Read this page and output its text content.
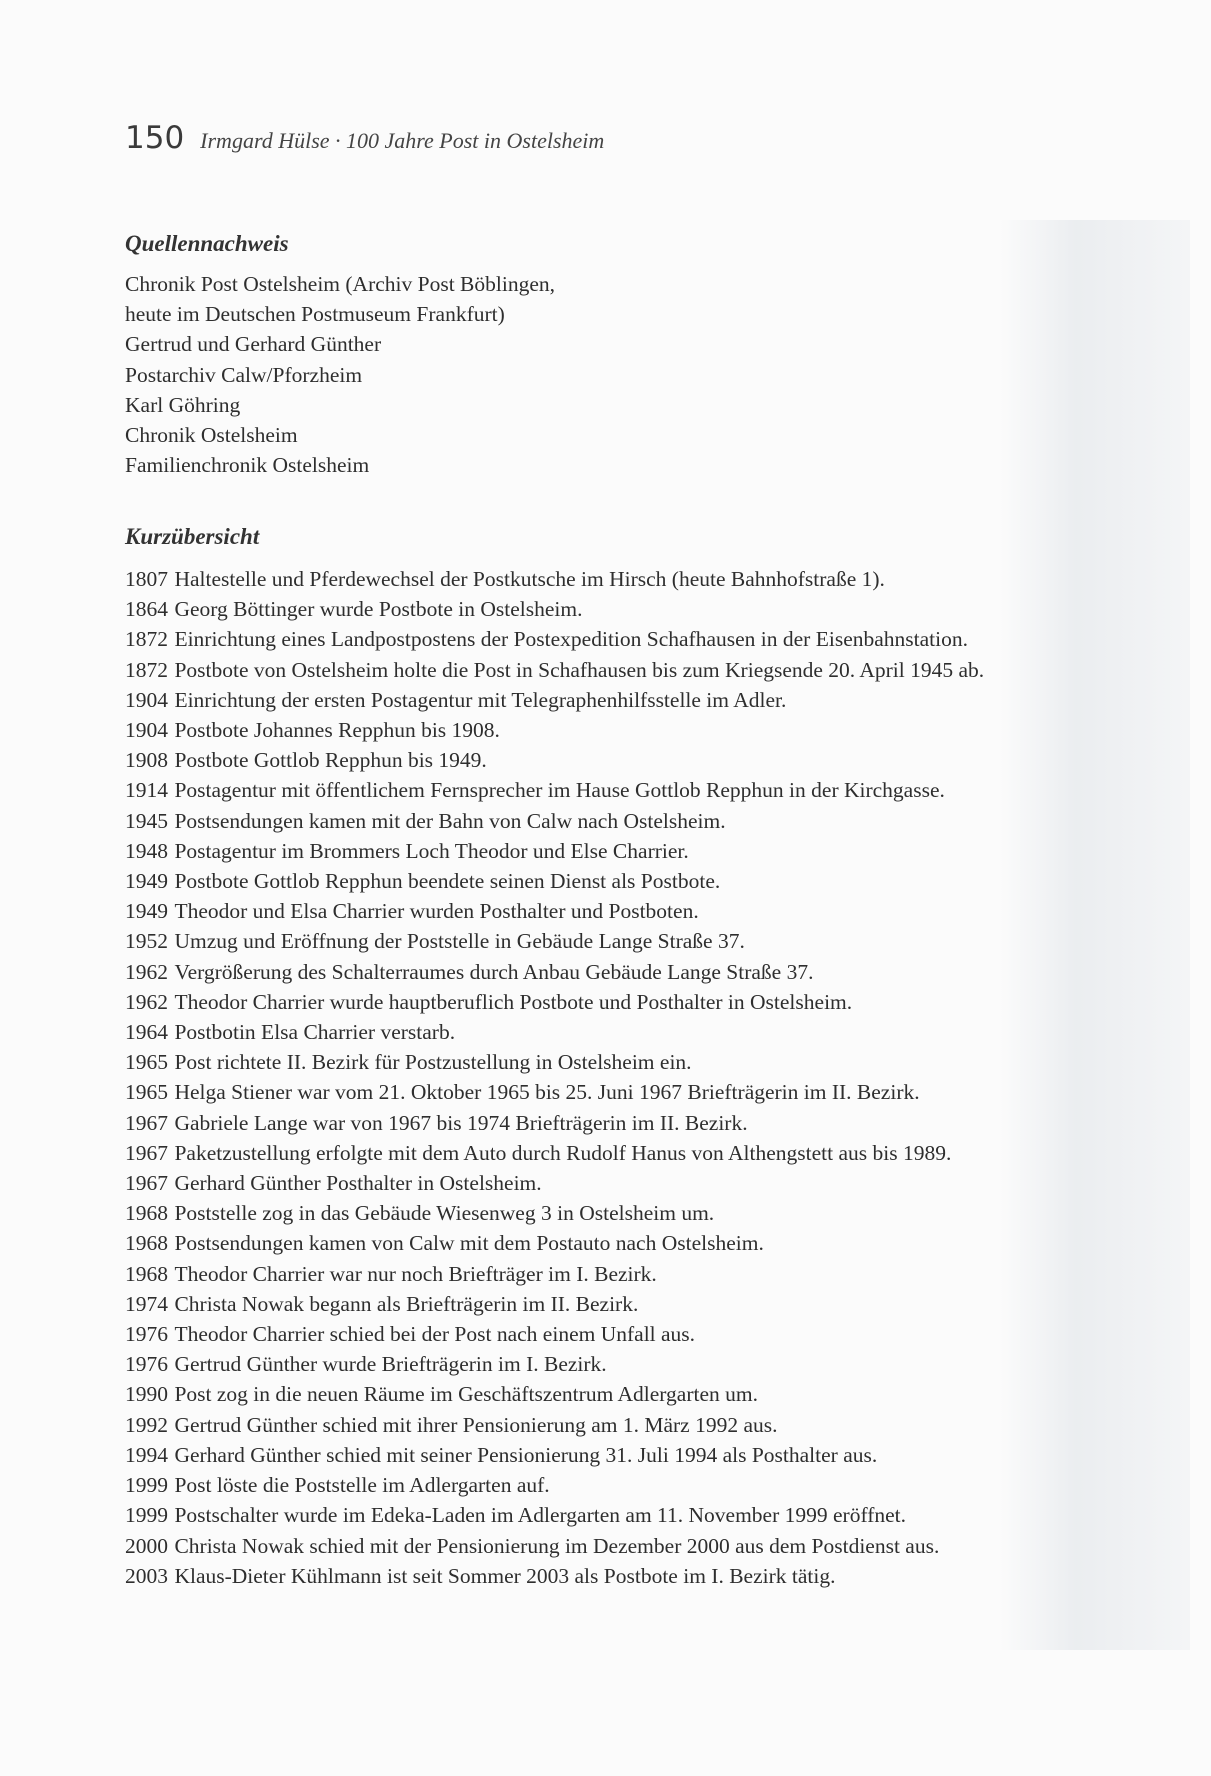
150 Irmgard Hülse · 100 Jahre Post in Ostelsheim
Quellennachweis
Chronik Post Ostelsheim (Archiv Post Böblingen,
heute im Deutschen Postmuseum Frankfurt)
Gertrud und Gerhard Günther
Postarchiv Calw/Pforzheim
Karl Göhring
Chronik Ostelsheim
Familienchronik Ostelsheim
Kurzübersicht
1807 Haltestelle und Pferdewechsel der Postkutsche im Hirsch (heute Bahnhofstraße 1).
1864 Georg Böttinger wurde Postbote in Ostelsheim.
1872 Einrichtung eines Landpostpostens der Postexpedition Schafhausen in der Eisenbahnstation.
1872 Postbote von Ostelsheim holte die Post in Schafhausen bis zum Kriegsende 20. April 1945 ab.
1904 Einrichtung der ersten Postagentur mit Telegraphenhilfsstelle im Adler.
1904 Postbote Johannes Repphun bis 1908.
1908 Postbote Gottlob Repphun bis 1949.
1914 Postagentur mit öffentlichem Fernsprecher im Hause Gottlob Repphun in der Kirchgasse.
1945 Postsendungen kamen mit der Bahn von Calw nach Ostelsheim.
1948 Postagentur im Brommers Loch Theodor und Else Charrier.
1949 Postbote Gottlob Repphun beendete seinen Dienst als Postbote.
1949 Theodor und Elsa Charrier wurden Posthalter und Postboten.
1952 Umzug und Eröffnung der Poststelle in Gebäude Lange Straße 37.
1962 Vergrößerung des Schalterraumes durch Anbau Gebäude Lange Straße 37.
1962 Theodor Charrier wurde hauptberuflich Postbote und Posthalter in Ostelsheim.
1964 Postbotin Elsa Charrier verstarb.
1965 Post richtete II. Bezirk für Postzustellung in Ostelsheim ein.
1965 Helga Stiener war vom 21. Oktober 1965 bis 25. Juni 1967 Briefträgerin im II. Bezirk.
1967 Gabriele Lange war von 1967 bis 1974 Briefträgerin im II. Bezirk.
1967 Paketzustellung erfolgte mit dem Auto durch Rudolf Hanus von Althengstett aus bis 1989.
1967 Gerhard Günther Posthalter in Ostelsheim.
1968 Poststelle zog in das Gebäude Wiesenweg 3 in Ostelsheim um.
1968 Postsendungen kamen von Calw mit dem Postauto nach Ostelsheim.
1968 Theodor Charrier war nur noch Briefträger im I. Bezirk.
1974 Christa Nowak begann als Briefträgerin im II. Bezirk.
1976 Theodor Charrier schied bei der Post nach einem Unfall aus.
1976 Gertrud Günther wurde Briefträgerin im I. Bezirk.
1990 Post zog in die neuen Räume im Geschäftszentrum Adlergarten um.
1992 Gertrud Günther schied mit ihrer Pensionierung am 1. März 1992 aus.
1994 Gerhard Günther schied mit seiner Pensionierung 31. Juli 1994 als Posthalter aus.
1999 Post löste die Poststelle im Adlergarten auf.
1999 Postschalter wurde im Edeka-Laden im Adlergarten am 11. November 1999 eröffnet.
2000 Christa Nowak schied mit der Pensionierung im Dezember 2000 aus dem Postdienst aus.
2003 Klaus-Dieter Kühlmann ist seit Sommer 2003 als Postbote im I. Bezirk tätig.
